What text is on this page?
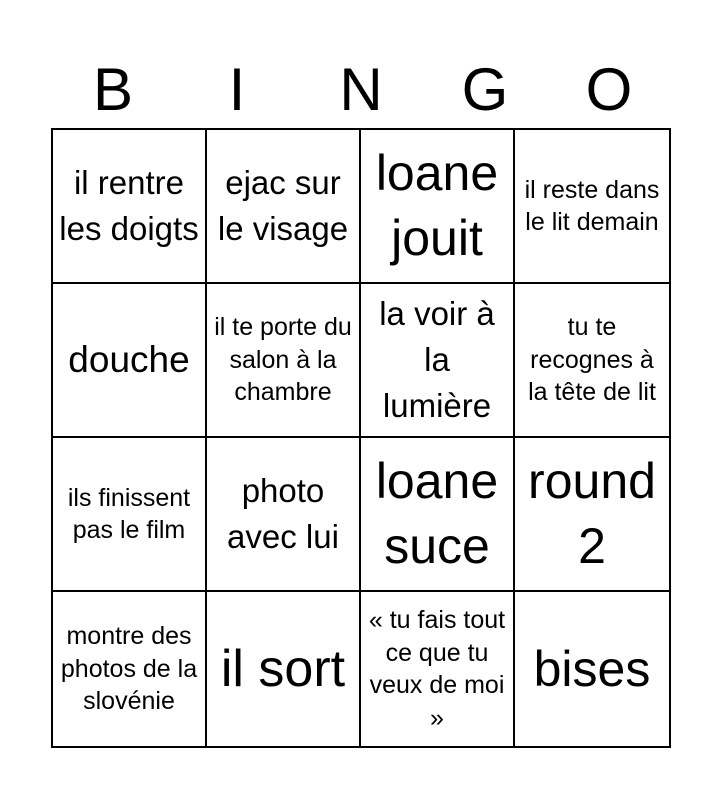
B	I	N	G	O
il rentre les doigts
ejac sur le visage
loane jouit
il reste dans le lit demain
douche
il te porte du salon à la chambre
la voir à la lumière
tu te recognes à la tête de lit
ils finissent pas le film
photo avec lui
loane suce
round 2
montre des photos de la slovénie
il sort
« tu fais tout ce que tu veux de moi »
bises
